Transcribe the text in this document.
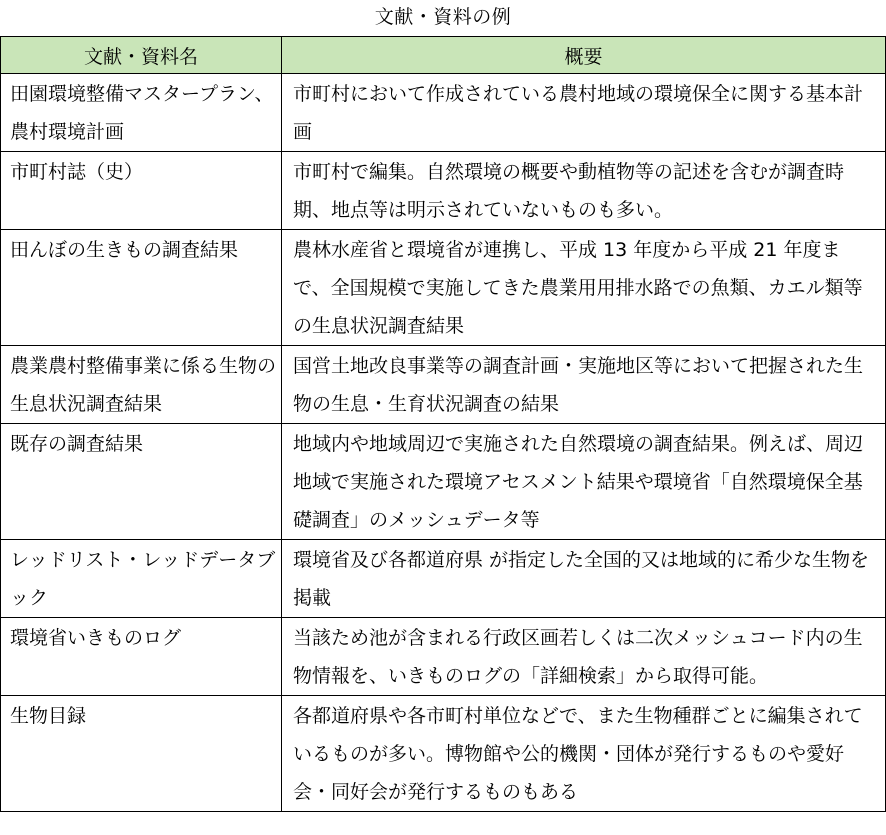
文献・資料の例
文献・資料名	概要
田園環境整備マスタープラン、農村環境計画	市町村において作成されている農村地域の環境保全に関する基本計画
市町村誌（史）	市町村で編集。自然環境の概要や動植物等の記述を含むが調査時期、地点等は明示されていないものも多い。
田んぼの生きもの調査結果	農林水産省と環境省が連携し、平成 13 年度から平成 21 年度まで、全国規模で実施してきた農業用用排水路での魚類、カエル類等の生息状況調査結果
農業農村整備事業に係る生物の生息状況調査結果	国営土地改良事業等の調査計画・実施地区等において把握された生物の生息・生育状況調査の結果
既存の調査結果	地域内や地域周辺で実施された自然環境の調査結果。例えば、周辺地域で実施された環境アセスメント結果や環境省「自然環境保全基礎調査」のメッシュデータ等
レッドリスト・レッドデータブック	環境省及び各都道府県 が指定した全国的又は地域的に希少な生物を掲載
環境省いきものログ	当該ため池が含まれる行政区画若しくは二次メッシュコード内の生物情報を、いきものログの「詳細検索」から取得可能。
生物目録	各都道府県や各市町村単位などで、また生物種群ごとに編集されているものが多い。博物館や公的機関・団体が発行するものや愛好会・同好会が発行するものもある
